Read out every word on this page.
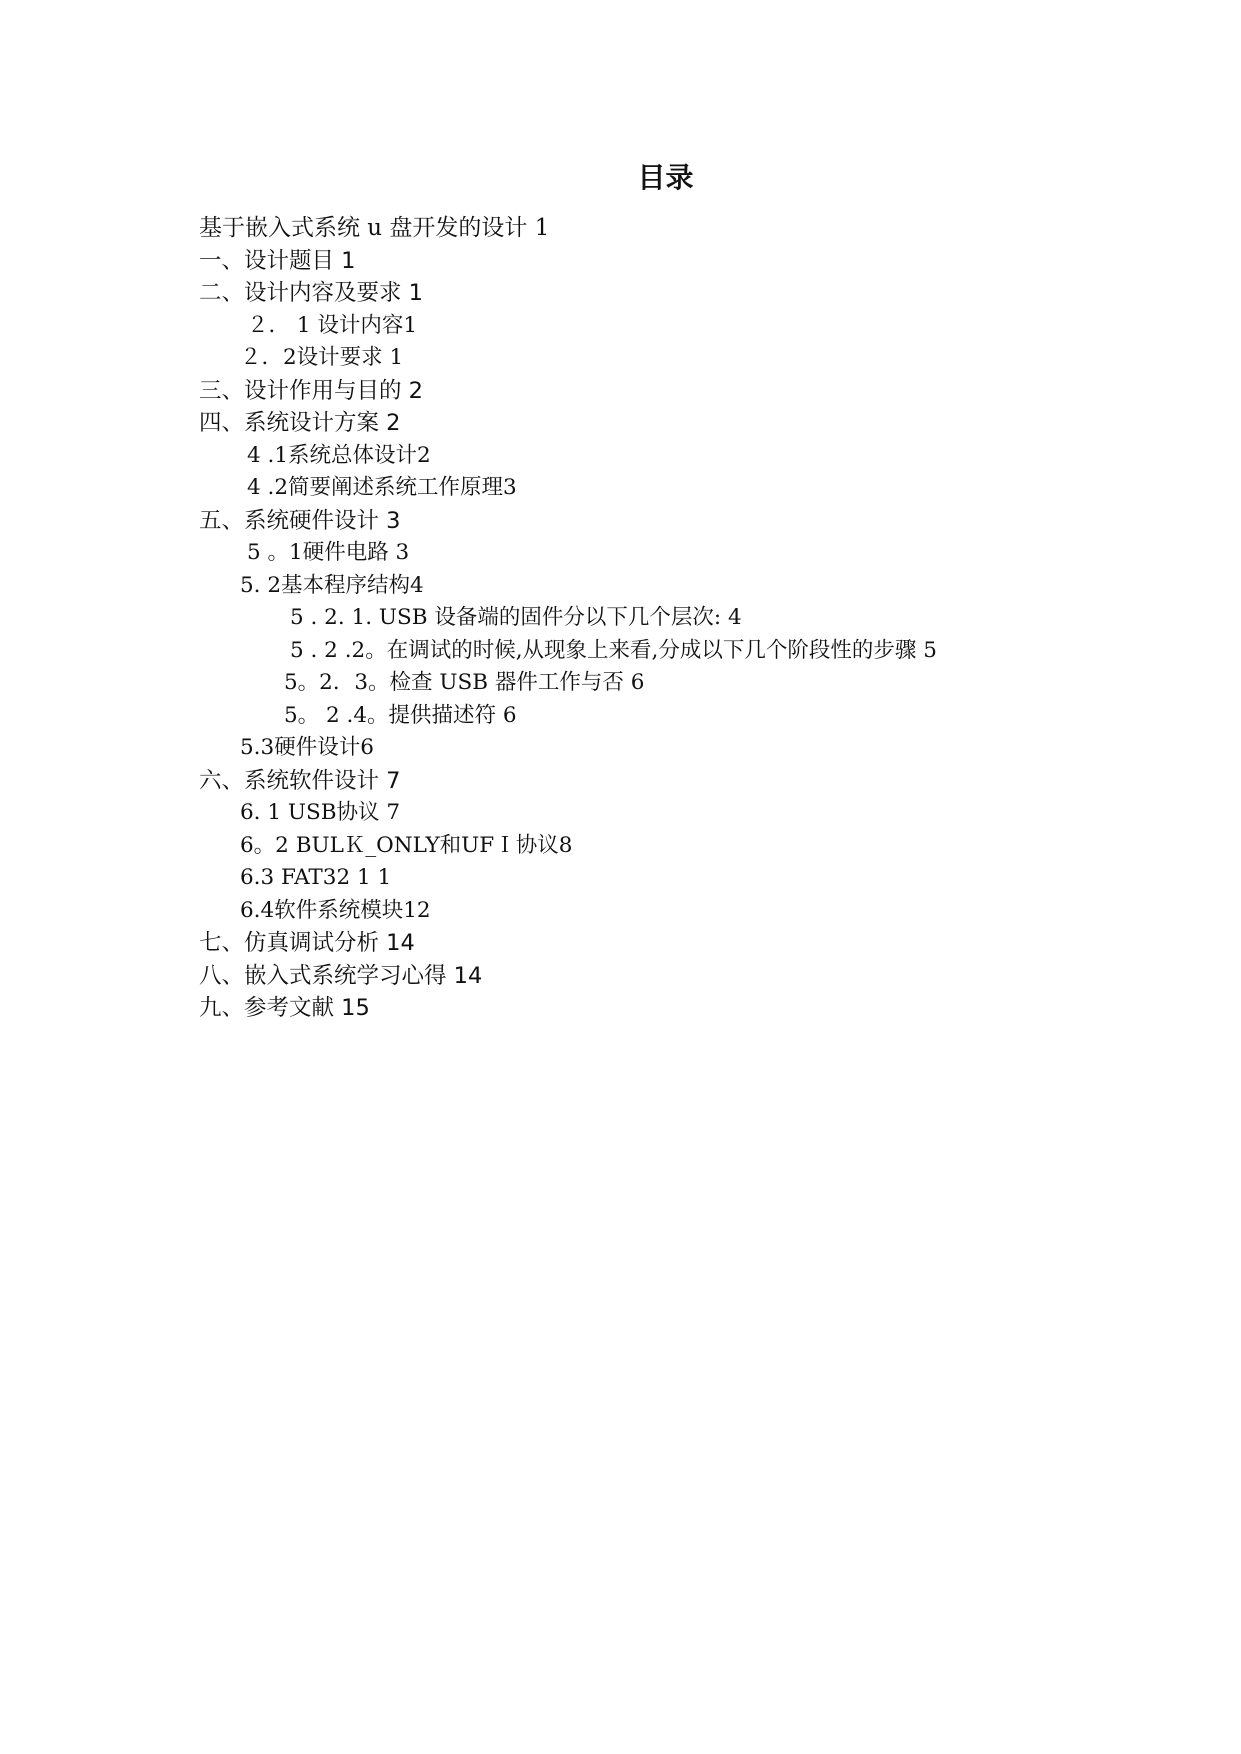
目录
基于嵌入式系统 u 盘开发的设计 1
一、设计题目 1
二、设计内容及要求 1
２． 1 设计内容1
２．2设计要求 1
三、设计作用与目的 2
四、系统设计方案 2
4 .1系统总体设计2
4 .2简要阐述系统工作原理3
五、系统硬件设计 3
5 。1硬件电路 3
5. 2基本程序结构4
5 . 2. 1. USB 设备端的固件分以下几个层次: 4
5 . 2 .2。在调试的时候,从现象上来看,分成以下几个阶段性的步骤 5
5。2．3。检查 USB 器件工作与否 6
5。 2 .4。提供描述符 6
5.3硬件设计6
六、系统软件设计 7
6. 1 USB协议 7
6。2 BULＫ_ONLY和UFＩ协议8
6.3 FAT32 1 1
6.4软件系统模块12
七、仿真调试分析 14
八、嵌入式系统学习心得 14
九、参考文献 15
